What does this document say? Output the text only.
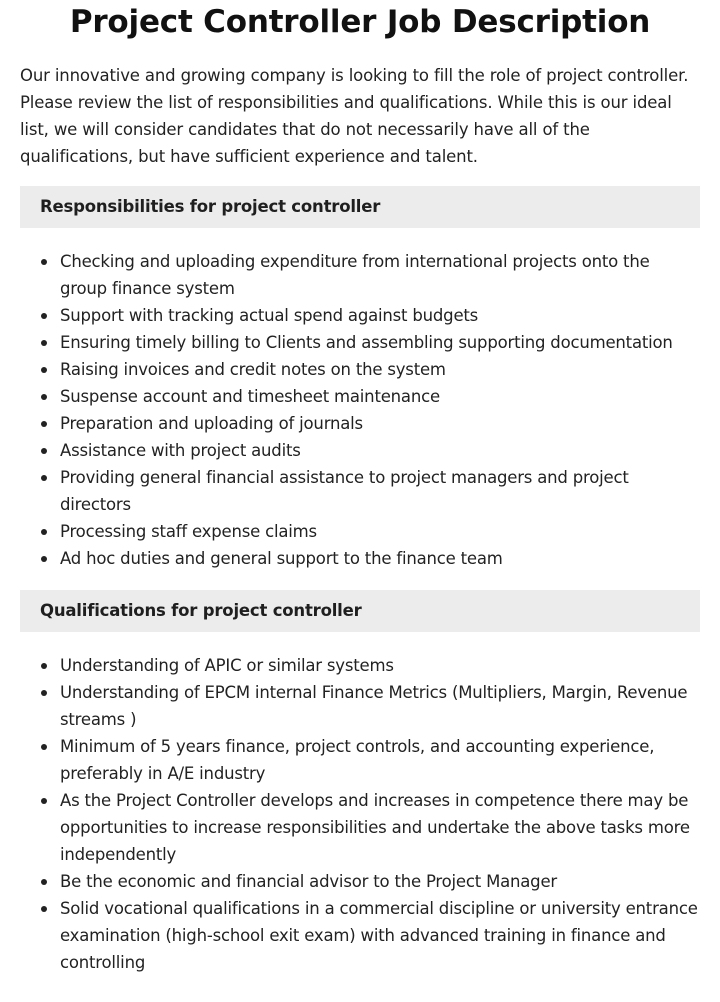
Project Controller Job Description

Our innovative and growing company is looking to fill the role of project controller. Please review the list of responsibilities and qualifications. While this is our ideal list, we will consider candidates that do not necessarily have all of the qualifications, but have sufficient experience and talent.

Responsibilities for project controller
Checking and uploading expenditure from international projects onto the group finance system
Support with tracking actual spend against budgets
Ensuring timely billing to Clients and assembling supporting documentation
Raising invoices and credit notes on the system
Suspense account and timesheet maintenance
Preparation and uploading of journals
Assistance with project audits
Providing general financial assistance to project managers and project directors
Processing staff expense claims
Ad hoc duties and general support to the finance team
Qualifications for project controller
Understanding of APIC or similar systems
Understanding of EPCM internal Finance Metrics (Multipliers, Margin, Revenue streams )
Minimum of 5 years finance, project controls, and accounting experience, preferably in A/E industry
As the Project Controller develops and increases in competence there may be opportunities to increase responsibilities and undertake the above tasks more independently
Be the economic and financial advisor to the Project Manager
Solid vocational qualifications in a commercial discipline or university entrance examination (high-school exit exam) with advanced training in finance and controlling
